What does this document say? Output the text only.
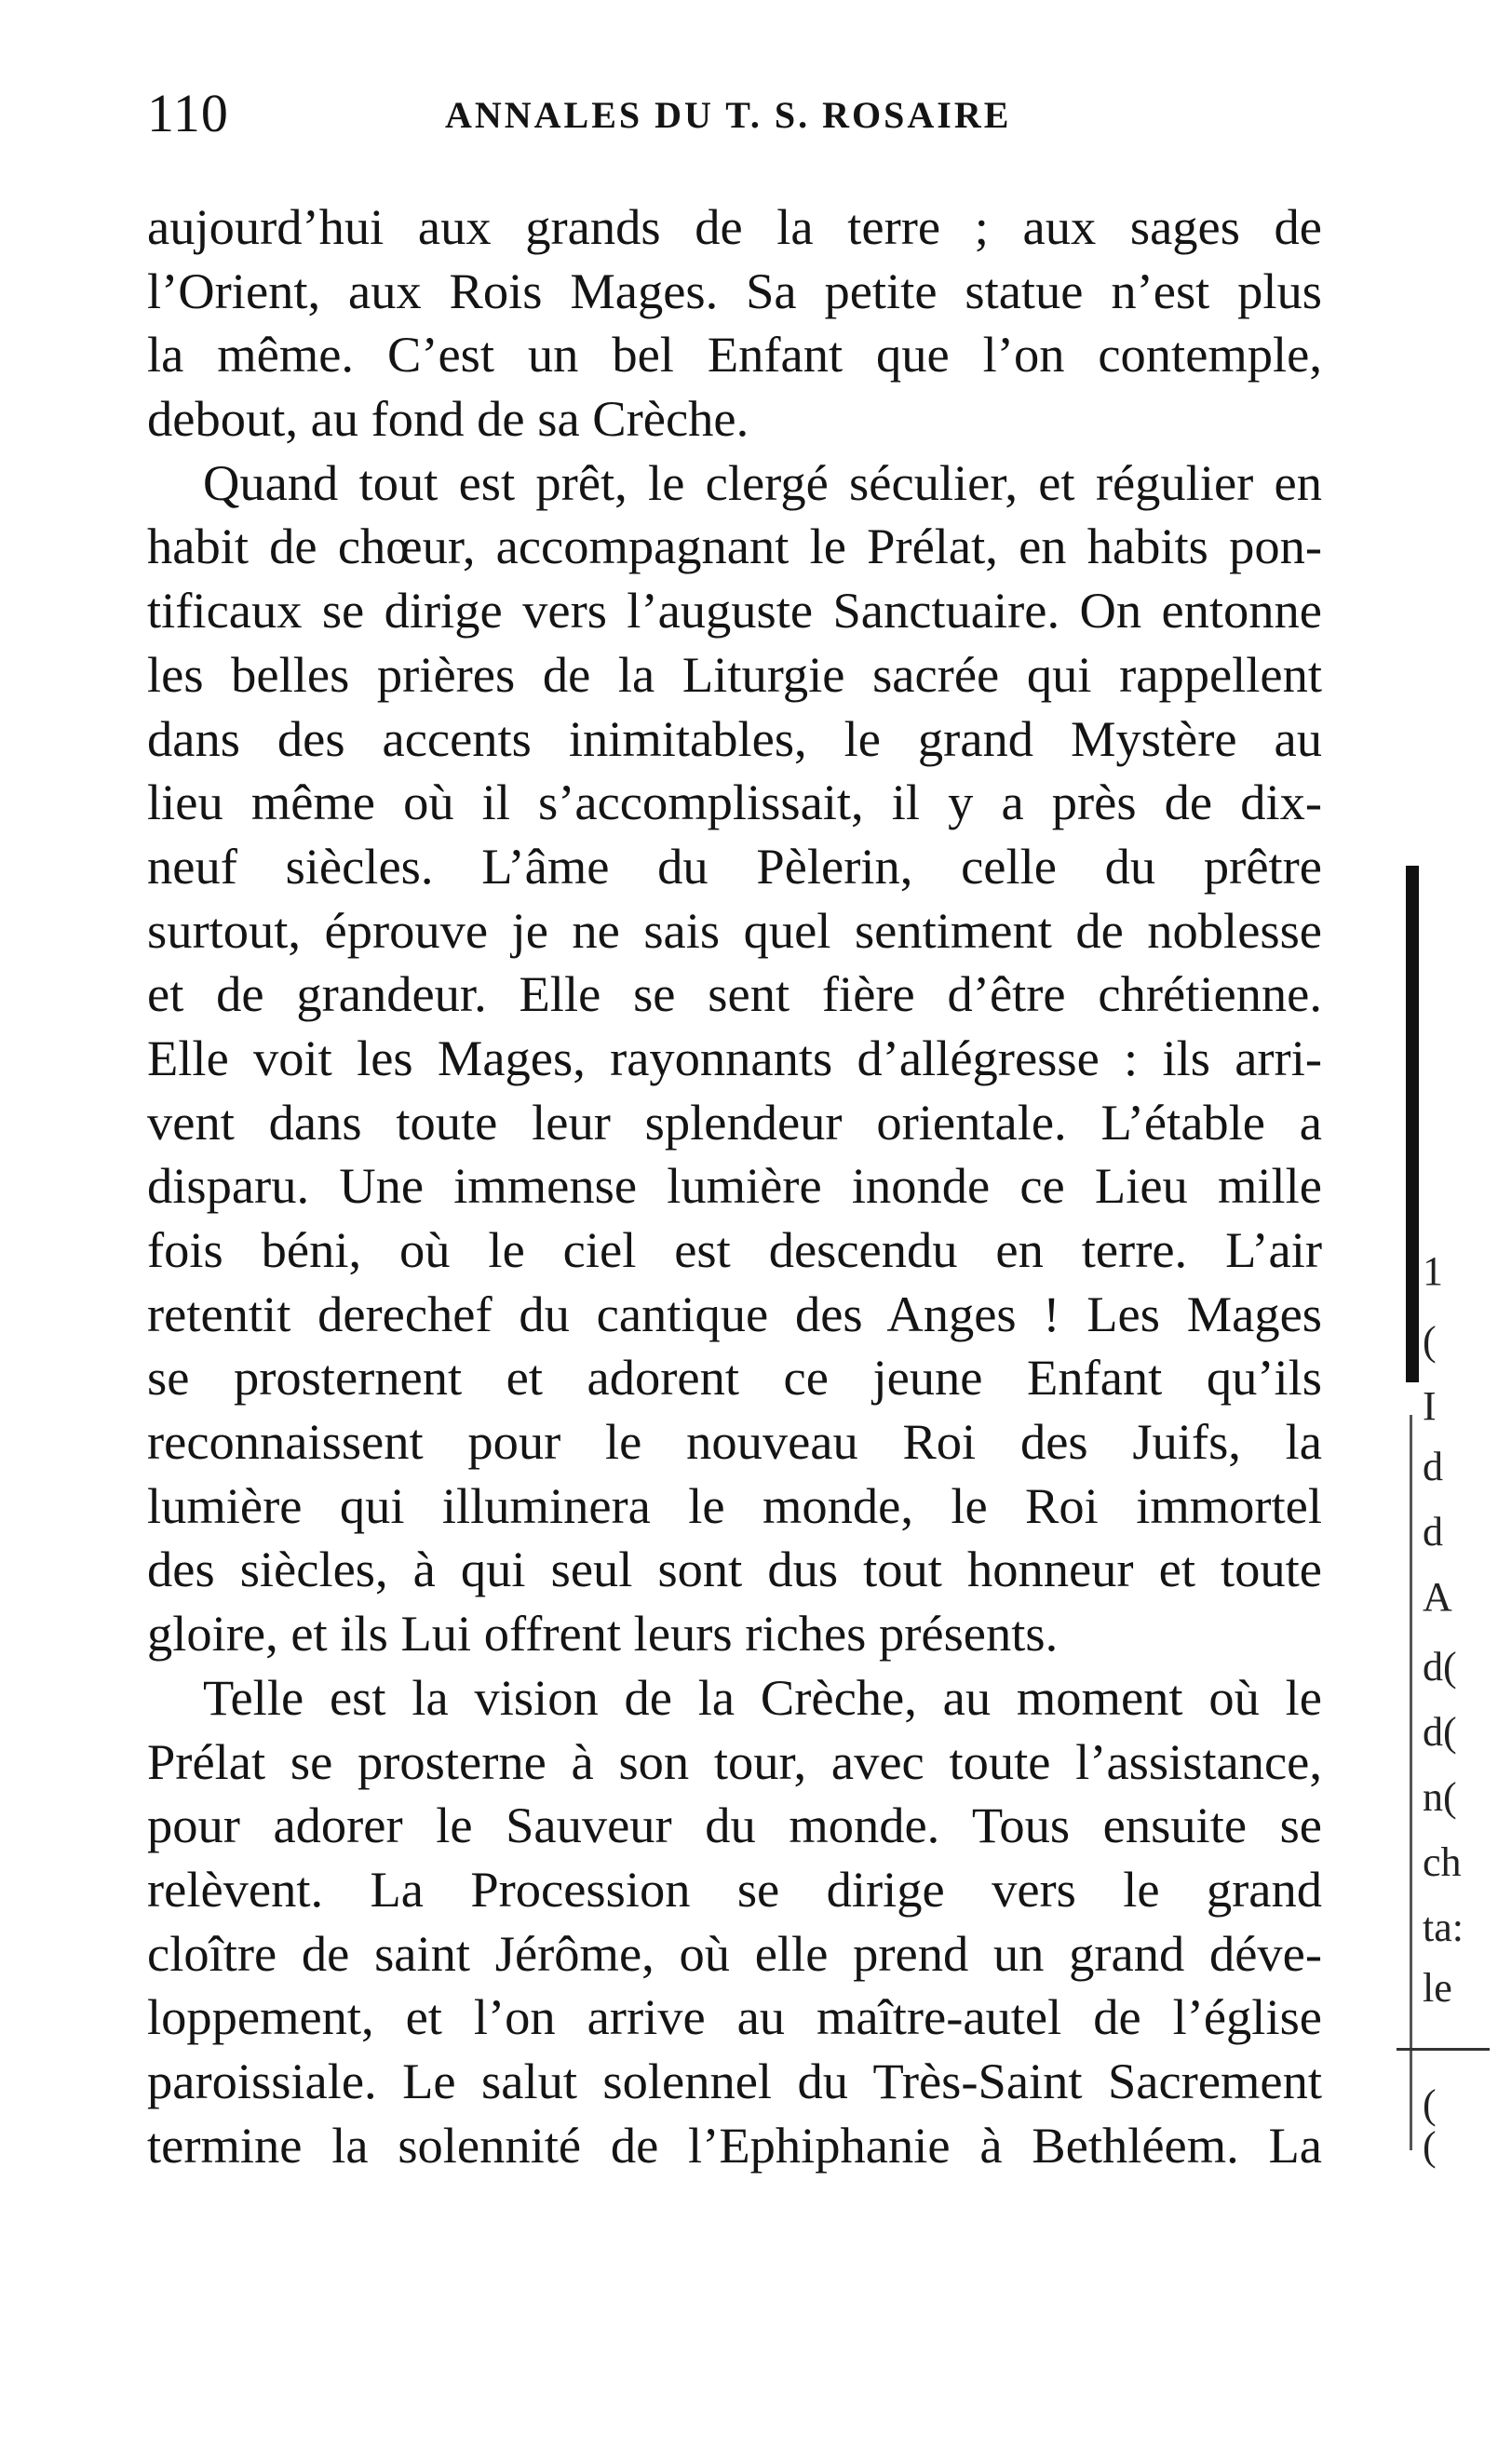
110	ANNALES DU T. S. ROSAIRE
aujourd’hui aux grands de la terre ; aux sages de
l’Orient, aux Rois Mages. Sa petite statue n’est plus
la même. C’est un bel Enfant que l’on contemple,
debout, au fond de sa Crèche.
Quand tout est prêt, le clergé séculier, et régulier en
habit de chœur, accompagnant le Prélat, en habits pon-
tificaux se dirige vers l’auguste Sanctuaire. On entonne
les belles prières de la Liturgie sacrée qui rappellent
dans des accents inimitables, le grand Mystère au
lieu même où il s’accomplissait, il y a près de dix-
neuf siècles. L’âme du Pèlerin, celle du prêtre
surtout, éprouve je ne sais quel sentiment de noblesse
et de grandeur. Elle se sent fière d’être chrétienne.
Elle voit les Mages, rayonnants d’allégresse : ils arri-
vent dans toute leur splendeur orientale. L’étable a
disparu. Une immense lumière inonde ce Lieu mille
fois béni, où le ciel est descendu en terre. L’air
retentit derechef du cantique des Anges ! Les Mages
se prosternent et adorent ce jeune Enfant qu’ils
reconnaissent pour le nouveau Roi des Juifs, la
lumière qui illuminera le monde, le Roi immortel
des siècles, à qui seul sont dus tout honneur et toute
gloire, et ils Lui offrent leurs riches présents.
Telle est la vision de la Crèche, au moment où le
Prélat se prosterne à son tour, avec toute l’assistance,
pour adorer le Sauveur du monde. Tous ensuite se
relèvent. La Procession se dirige vers le grand
cloître de saint Jérôme, où elle prend un grand déve-
loppement, et l’on arrive au maître-autel de l’église
paroissiale. Le salut solennel du Très-Saint Sacrement
termine la solennité de l’Ephiphanie à Bethléem. La
1
(
I
d
d
A
d(
d(
n(
ch
ta:
le
(
(
